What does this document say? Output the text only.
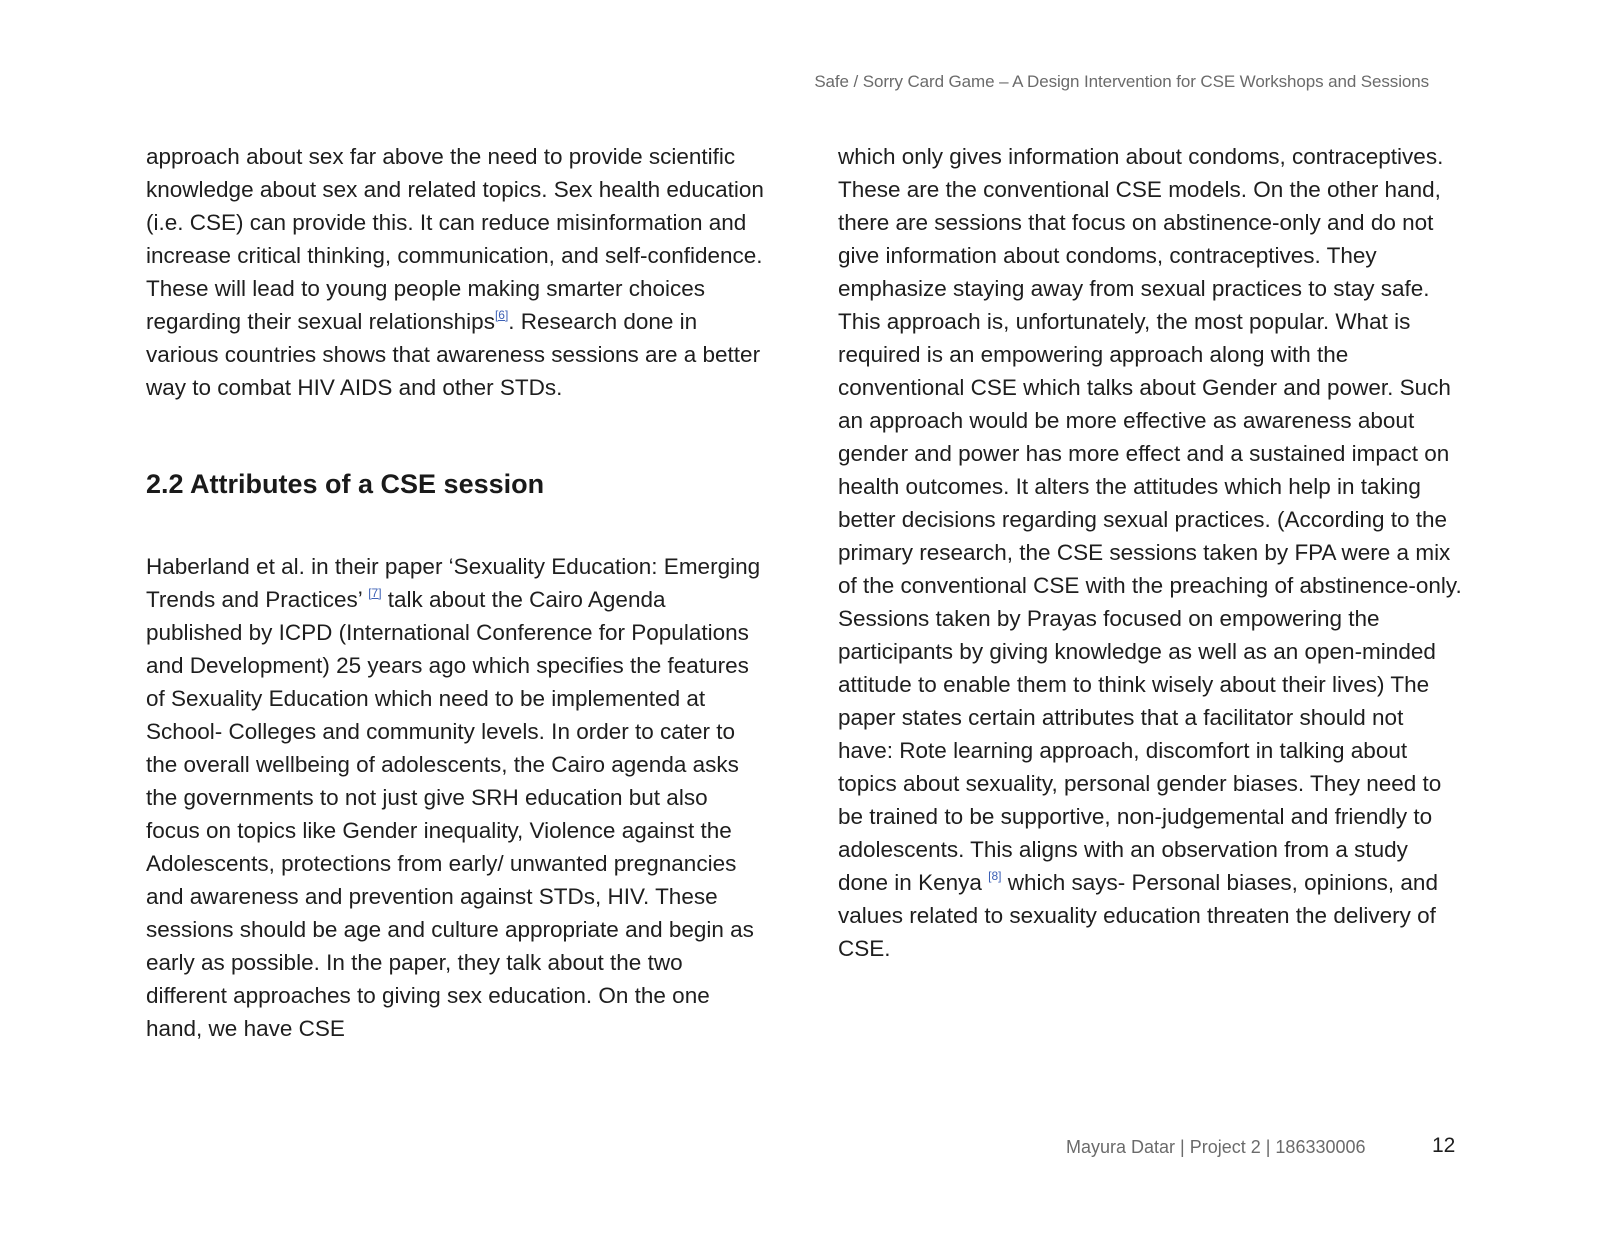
Safe / Sorry Card Game – A Design Intervention for CSE Workshops and Sessions

approach about sex far above the need to provide scientific knowledge about sex and related topics. Sex health education (i.e. CSE) can provide this. It can reduce misinformation and increase critical thinking, communication, and self-confidence. These will lead to young people making smarter choices regarding their sexual relationships[6]. Research done in various countries shows that awareness sessions are a better way to combat HIV AIDS and other STDs.

2.2 Attributes of a CSE session

Haberland et al. in their paper ‘Sexuality Education: Emerging Trends and Practices’ [7] talk about the Cairo Agenda published by ICPD (International Conference for Populations and Development) 25 years ago which specifies the features of Sexuality Education which need to be implemented at School- Colleges and community levels. In order to cater to the overall wellbeing of adolescents, the Cairo agenda asks the governments to not just give SRH education but also focus on topics like Gender inequality, Violence against the Adolescents, protections from early/ unwanted pregnancies and awareness and prevention against STDs, HIV. These sessions should be age and culture appropriate and begin as early as possible. In the paper, they talk about the two different approaches to giving sex education. On the one hand, we have CSE

which only gives information about condoms, contraceptives. These are the conventional CSE models. On the other hand, there are sessions that focus on abstinence-only and do not give information about condoms, contraceptives. They emphasize staying away from sexual practices to stay safe. This approach is, unfortunately, the most popular. What is required is an empowering approach along with the conventional CSE which talks about Gender and power. Such an approach would be more effective as awareness about gender and power has more effect and a sustained impact on health outcomes. It alters the attitudes which help in taking better decisions regarding sexual practices. (According to the primary research, the CSE sessions taken by FPA were a mix of the conventional CSE with the preaching of abstinence-only. Sessions taken by Prayas focused on empowering the participants by giving knowledge as well as an open-minded attitude to enable them to think wisely about their lives) The paper states certain attributes that a facilitator should not have: Rote learning approach, discomfort in talking about topics about sexuality, personal gender biases. They need to be trained to be supportive, non-judgemental and friendly to adolescents. This aligns with an observation from a study done in Kenya [8] which says- Personal biases, opinions, and values related to sexuality education threaten the delivery of CSE.

Mayura Datar | Project 2 | 186330006	12
